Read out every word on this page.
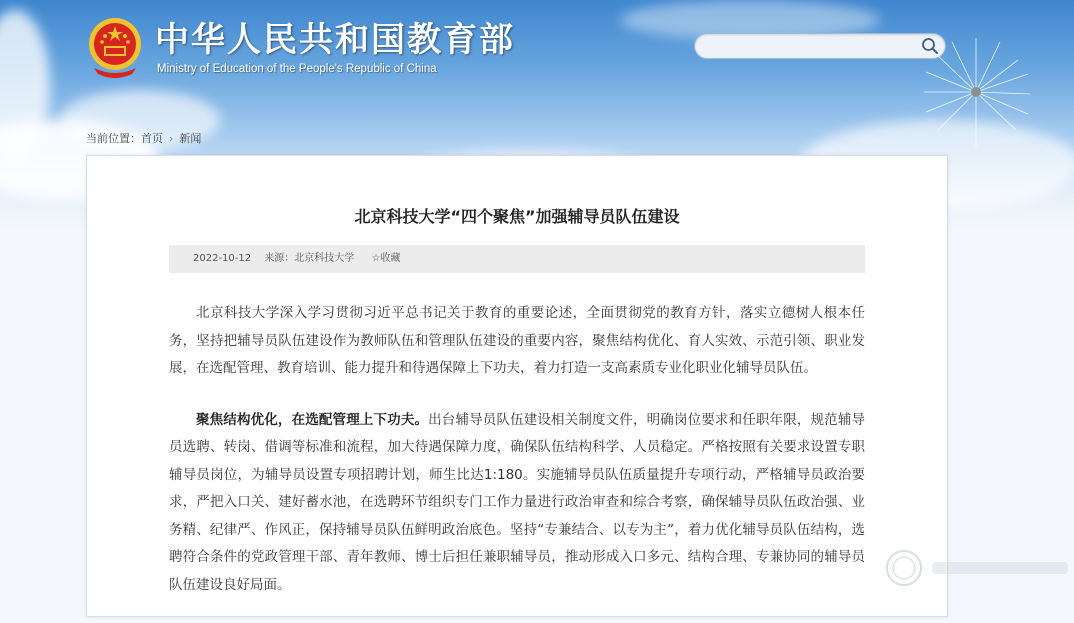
中华人民共和国教育部
Ministry of Education of the People's Republic of China
当前位置：首页 › 新闻
北京科技大学“四个聚焦”加强辅导员队伍建设
2022-10-12 来源：北京科技大学 ☆收藏

北京科技大学深入学习贯彻习近平总书记关于教育的重要论述，全面贯彻党的教育方针，落实立德树人根本任务，坚持把辅导员队伍建设作为教师队伍和管理队伍建设的重要内容，聚焦结构优化、育人实效、示范引领、职业发展，在选配管理、教育培训、能力提升和待遇保障上下功夫，着力打造一支高素质专业化职业化辅导员队伍。

聚焦结构优化，在选配管理上下功夫。出台辅导员队伍建设相关制度文件，明确岗位要求和任职年限，规范辅导员选聘、转岗、借调等标准和流程，加大待遇保障力度，确保队伍结构科学、人员稳定。严格按照有关要求设置专职辅导员岗位，为辅导员设置专项招聘计划，师生比达1:180。实施辅导员队伍质量提升专项行动，严格辅导员政治要求，严把入口关、建好蓄水池，在选聘环节组织专门工作力量进行政治审查和综合考察，确保辅导员队伍政治强、业务精、纪律严、作风正，保持辅导员队伍鲜明政治底色。坚持“专兼结合、以专为主”，着力优化辅导员队伍结构，选聘符合条件的党政管理干部、青年教师、博士后担任兼职辅导员，推动形成入口多元、结构合理、专兼协同的辅导员队伍建设良好局面。
